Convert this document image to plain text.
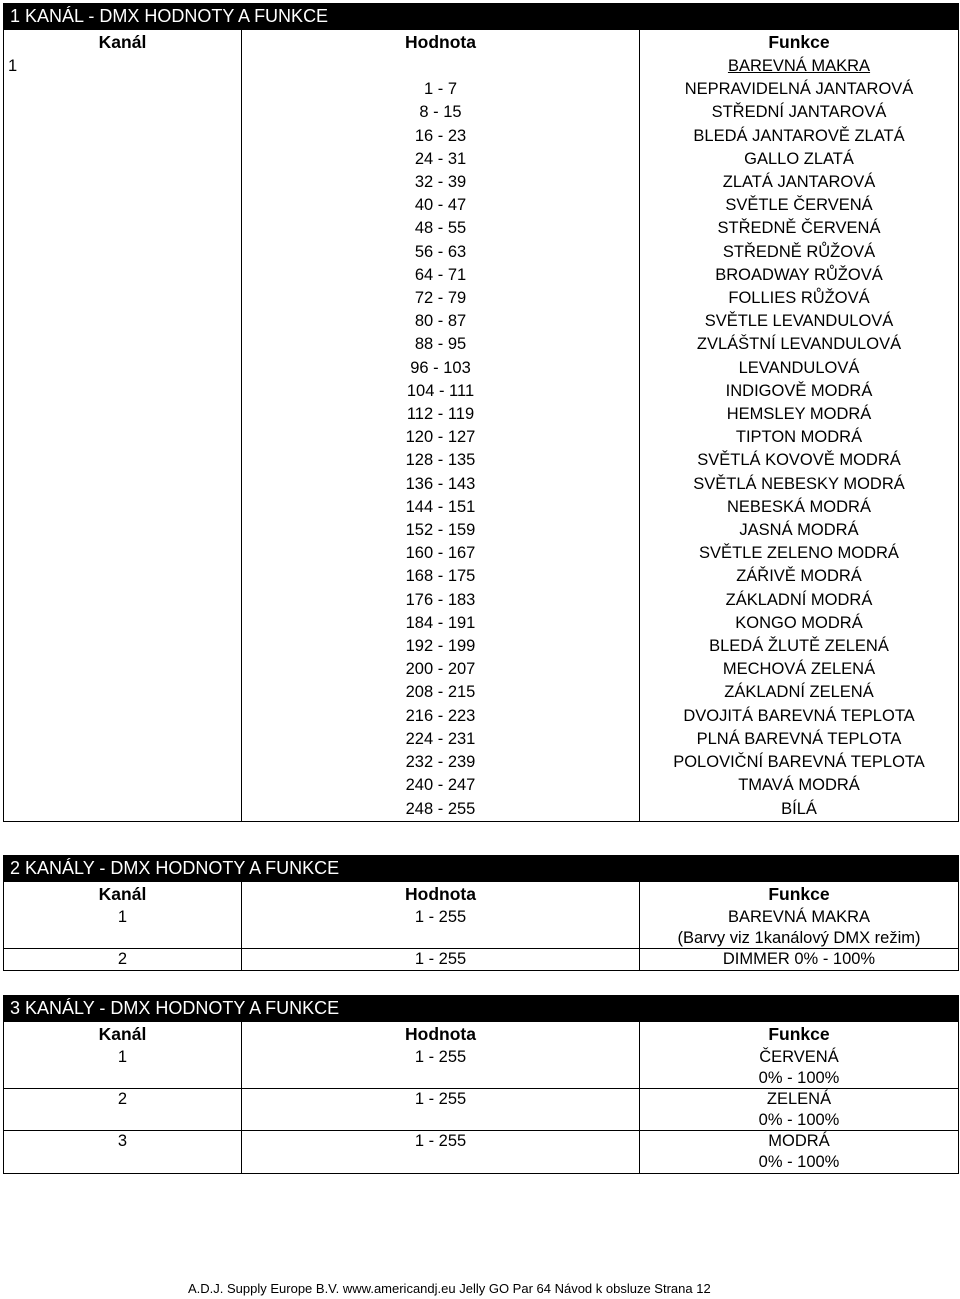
1 KANÁL - DMX HODNOTY A FUNKCE		
Kanál	Hodnota	Funkce
1		BAREVNÁ MAKRA
	1 - 7	NEPRAVIDELNÁ JANTAROVÁ
	8 - 15	STŘEDNÍ JANTAROVÁ
	16 - 23	BLEDÁ JANTAROVĚ ZLATÁ
	24 - 31	GALLO ZLATÁ
	32 - 39	ZLATÁ JANTAROVÁ
	40 - 47	SVĚTLE ČERVENÁ
	48 - 55	STŘEDNĚ ČERVENÁ
	56 - 63	STŘEDNĚ RŮŽOVÁ
	64 - 71	BROADWAY RŮŽOVÁ
	72 - 79	FOLLIES RŮŽOVÁ
	80 - 87	SVĚTLE LEVANDULOVÁ
	88 - 95	ZVLÁŠTNÍ LEVANDULOVÁ
	96 - 103	LEVANDULOVÁ
	104 - 111	INDIGOVĚ MODRÁ
	112 - 119	HEMSLEY MODRÁ
	120 - 127	TIPTON MODRÁ
	128 - 135	SVĚTLÁ KOVOVĚ MODRÁ
	136 - 143	SVĚTLÁ NEBESKY MODRÁ
	144 - 151	NEBESKÁ MODRÁ
	152 - 159	JASNÁ MODRÁ
	160 - 167	SVĚTLE ZELENO MODRÁ
	168 - 175	ZÁŘIVĚ MODRÁ
	176 - 183	ZÁKLADNÍ MODRÁ
	184 - 191	KONGO MODRÁ
	192 - 199	BLEDÁ ŽLUTĚ ZELENÁ
	200 - 207	MECHOVÁ ZELENÁ
	208 - 215	ZÁKLADNÍ ZELENÁ
	216 - 223	DVOJITÁ BAREVNÁ TEPLOTA
	224 - 231	PLNÁ BAREVNÁ TEPLOTA
	232 - 239	POLOVIČNÍ BAREVNÁ TEPLOTA
	240 - 247	TMAVÁ MODRÁ
	248 - 255	BÍLÁ
2 KANÁLY - DMX HODNOTY A FUNKCE		
Kanál	Hodnota	Funkce
1	1 - 255	BAREVNÁ MAKRA
		(Barvy viz 1kanálový DMX režim)
2	1 - 255	DIMMER 0% - 100%
3 KANÁLY - DMX HODNOTY A FUNKCE		
Kanál	Hodnota	Funkce
1	1 - 255	ČERVENÁ
		0% - 100%
2	1 - 255	ZELENÁ
		0% - 100%
3	1 - 255	MODRÁ
		0% - 100%
A.D.J. Supply Europe B.V. www.americandj.eu Jelly GO Par 64 Návod k obsluze Strana 12
